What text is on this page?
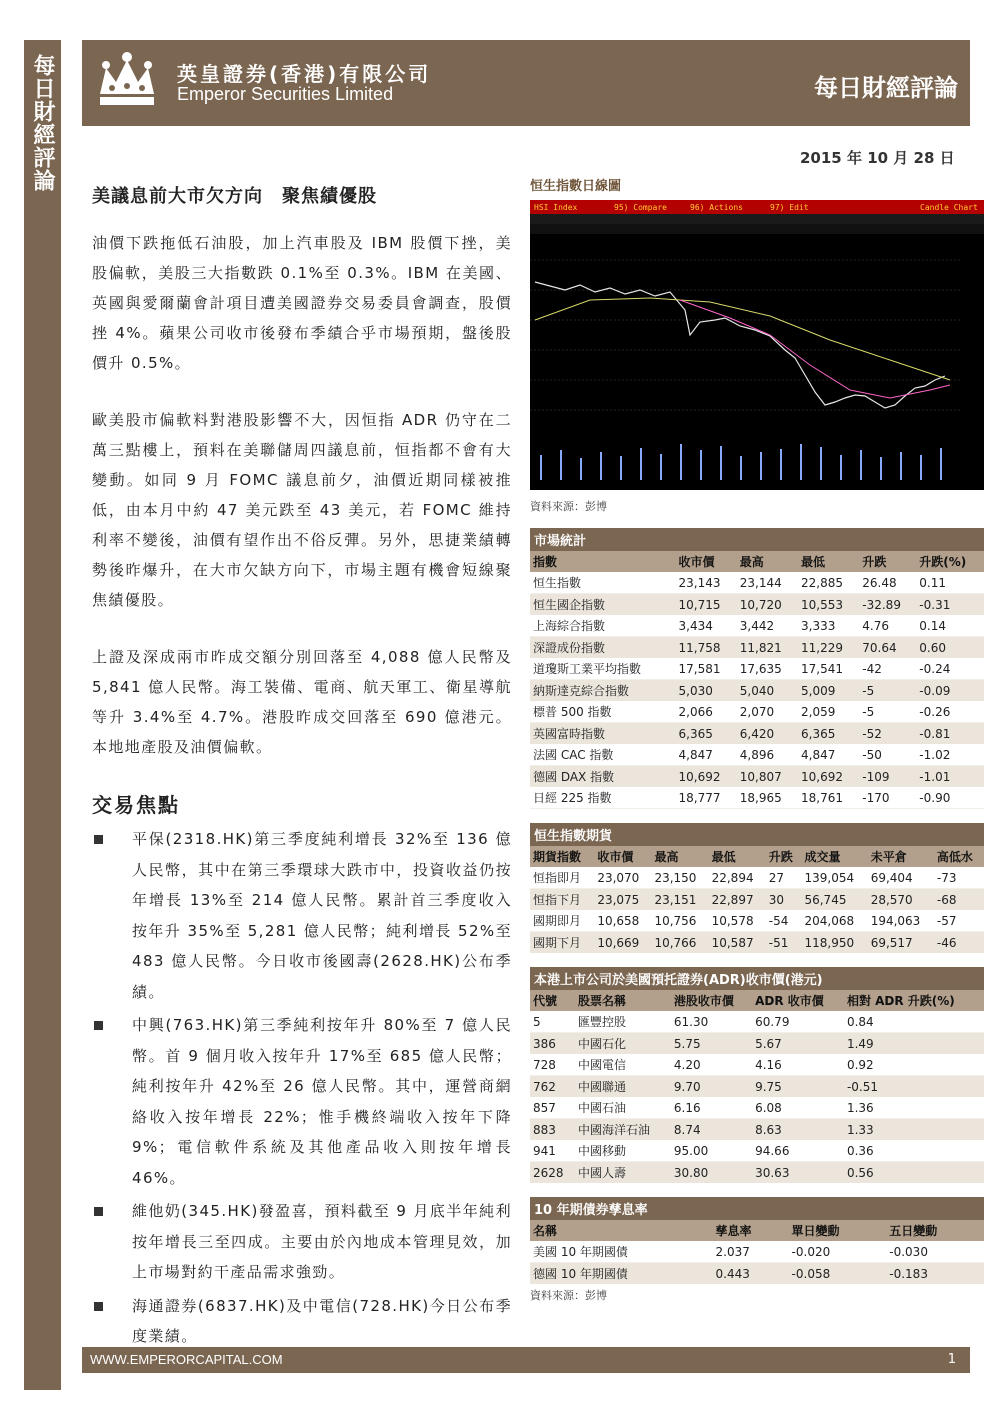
每日財經評論	英皇證券(香港)有限公司
Emperor Securities Limited	每日財經評論
2015 年 10 月 28 日
美議息前大市欠方向　聚焦績優股

油價下跌拖低石油股，加上汽車股及 IBM 股價下挫，美股偏軟，美股三大指數跌 0.1%至 0.3%。IBM 在美國、英國與愛爾蘭會計項目遭美國證券交易委員會調查，股價挫 4%。蘋果公司收市後發布季績合乎市場預期，盤後股價升 0.5%。

歐美股市偏軟料對港股影響不大，因恒指 ADR 仍守在二萬三點樓上，預料在美聯儲周四議息前，恒指都不會有大變動。如同 9 月 FOMC 議息前夕，油價近期同樣被推低，由本月中約 47 美元跌至 43 美元，若 FOMC 維持利率不變後，油價有望作出不俗反彈。另外，思捷業績轉勢後昨爆升，在大市欠缺方向下，市場主題有機會短線聚焦績優股。

上證及深成兩市昨成交額分別回落至 4,088 億人民幣及 5,841 億人民幣。海工裝備、電商、航天軍工、衛星導航等升 3.4%至 4.7%。港股昨成交回落至 690 億港元。本地地產股及油價偏軟。

交易焦點
平保(2318.HK)第三季度純利增長 32%至 136 億人民幣，其中在第三季環球大跌市中，投資收益仍按年增長 13%至 214 億人民幣。累計首三季度收入按年升 35%至 5,281 億人民幣；純利增長 52%至 483 億人民幣。今日收市後國壽(2628.HK)公布季績。
中興(763.HK)第三季純利按年升 80%至 7 億人民幣。首 9 個月收入按年升 17%至 685 億人民幣；純利按年升 42%至 26 億人民幣。其中，運營商網絡收入按年增長 22%；惟手機終端收入按年下降 9%；電信軟件系統及其他產品收入則按年增長 46%。
維他奶(345.HK)發盈喜，預料截至 9 月底半年純利按年增長三至四成。主要由於內地成本管理見效，加上市場對約干產品需求強勁。
海通證券(6837.HK)及中電信(728.HK)今日公布季度業績。
恒生指數日線圖
HSI Index	95) Compare	96) Actions	97) Edit	Candle Chart
資料來源：彭博
市場統計					
指數	收市價	最高	最低	升跌	升跌(%)
恒生指數	23,143	23,144	22,885	26.48	0.11
恒生國企指數	10,715	10,720	10,553	-32.89	-0.31
上海綜合指數	3,434	3,442	3,333	4.76	0.14
深證成份指數	11,758	11,821	11,229	70.64	0.60
道瓊斯工業平均指數	17,581	17,635	17,541	-42	-0.24
納斯達克綜合指數	5,030	5,040	5,009	-5	-0.09
標普 500 指數	2,066	2,070	2,059	-5	-0.26
英國富時指數	6,365	6,420	6,365	-52	-0.81
法國 CAC 指數	4,847	4,896	4,847	-50	-1.02
德國 DAX 指數	10,692	10,807	10,692	-109	-1.01
日經 225 指數	18,777	18,965	18,761	-170	-0.90
恒生指數期貨							
期貨指數	收市價	最高	最低	升跌	成交量	未平倉	高低水
恒指即月	23,070	23,150	22,894	27	139,054	69,404	-73
恒指下月	23,075	23,151	22,897	30	56,745	28,570	-68
國期即月	10,658	10,756	10,578	-54	204,068	194,063	-57
國期下月	10,669	10,766	10,587	-51	118,950	69,517	-46
本港上市公司於美國預托證券(ADR)收市價(港元)				
代號	股票名稱	港股收市價	ADR 收市價	相對 ADR 升跌(%)
5	匯豐控股	61.30	60.79	0.84
386	中國石化	5.75	5.67	1.49
728	中國電信	4.20	4.16	0.92
762	中國聯通	9.70	9.75	-0.51
857	中國石油	6.16	6.08	1.36
883	中國海洋石油	8.74	8.63	1.33
941	中國移動	95.00	94.66	0.36
2628	中國人壽	30.80	30.63	0.56
10 年期債券孳息率			
名稱	孳息率	單日變動	五日變動
美國 10 年期國債	2.037	-0.020	-0.030
德國 10 年期國債	0.443	-0.058	-0.183
資料來源：彭博
WWW.EMPERORCAPITAL.COM	1
